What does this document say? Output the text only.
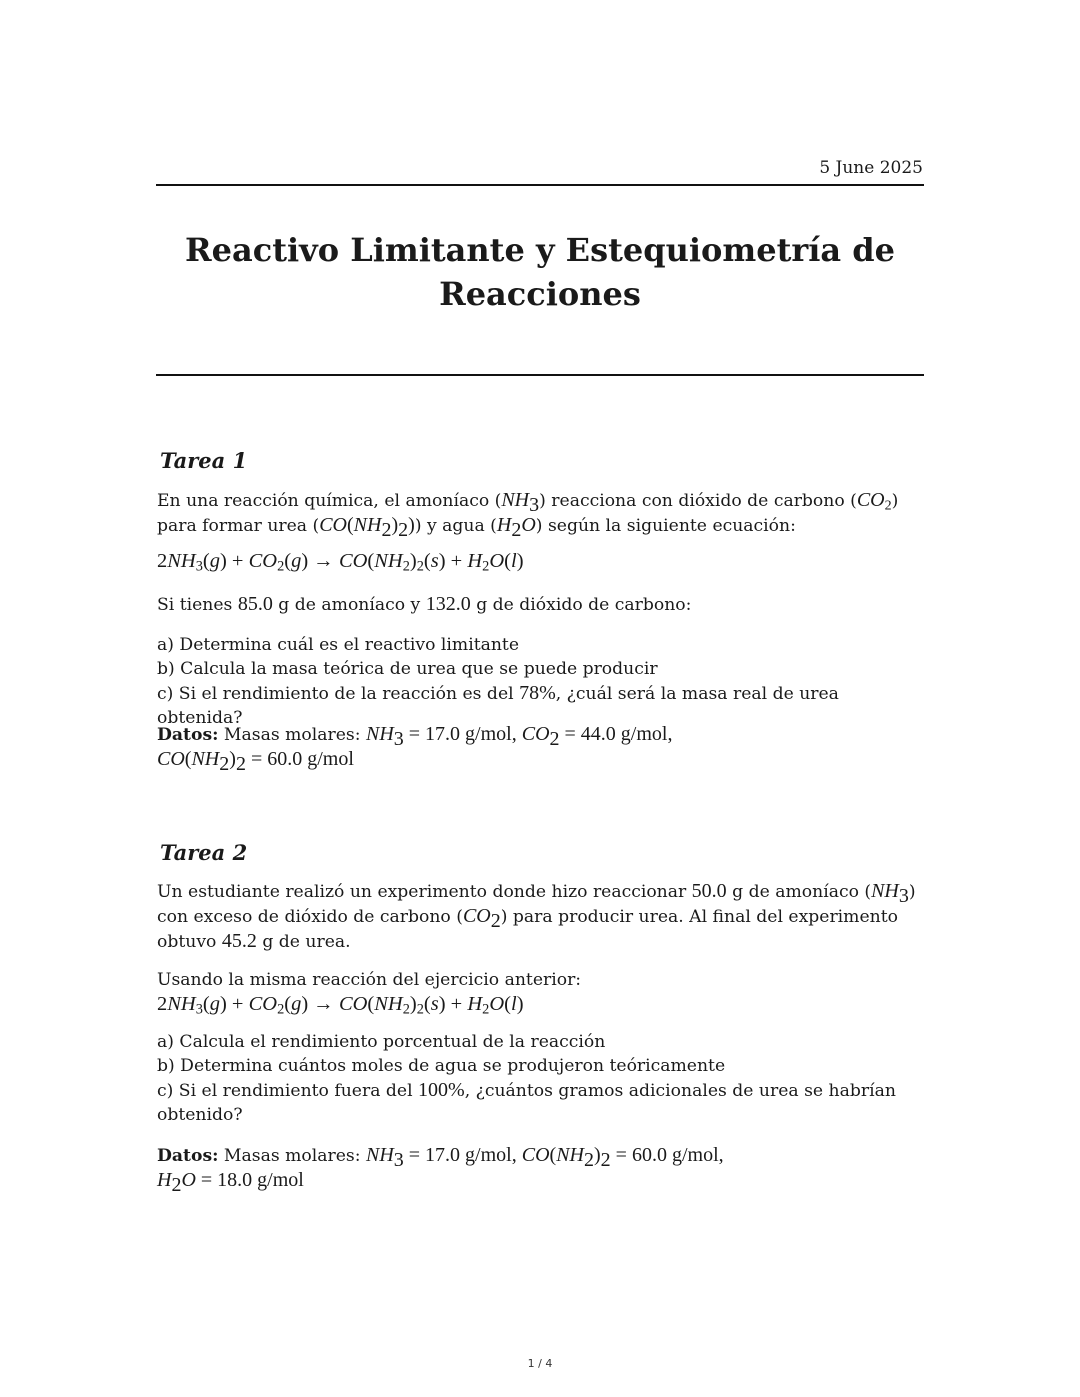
5 June 2025
Reactivo Limitante y Estequiometría de
Reacciones
Tarea 1

En una reacción química, el amoníaco $(NH_3)$ reacciona con dióxido de carbono $(CO_2)$
para formar urea $(CO(NH_2)_2)$) y agua $(H_2O)$ según la siguiente ecuación:

$2NH_3(g) + CO_2(g) \to CO(NH_2)_2(s) + H_2O(l)$

Si tienes 85.0 g de amoníaco y 132.0 g de dióxido de carbono:

a) Determina cuál es el reactivo limitante
b) Calcula la masa teórica de urea que se puede producir
c) Si el rendimiento de la reacción es del 78%, ¿cuál será la masa real de urea obtenida?

Datos: Masas molares: $NH_3 = 17.0$ g/mol, $CO_2 = 44.0$ g/mol,
$CO(NH_2)_2 = 60.0$ g/mol

Tarea 2

Un estudiante realizó un experimento donde hizo reaccionar 50.0 g de amoníaco $(NH_3)$
con exceso de dióxido de carbono $(CO_2)$ para producir urea. Al final del experimento
obtuvo 45.2 g de urea.

Usando la misma reacción del ejercicio anterior:
$2NH_3(g) + CO_2(g) \to CO(NH_2)_2(s) + H_2O(l)$

a) Calcula el rendimiento porcentual de la reacción
b) Determina cuántos moles de agua se produjeron teóricamente
c) Si el rendimiento fuera del 100%, ¿cuántos gramos adicionales de urea se habrían
obtenido?

Datos: Masas molares: $NH_3 = 17.0$ g/mol, $CO(NH_2)_2 = 60.0$ g/mol,
$H_2O = 18.0$ g/mol

1 / 4
